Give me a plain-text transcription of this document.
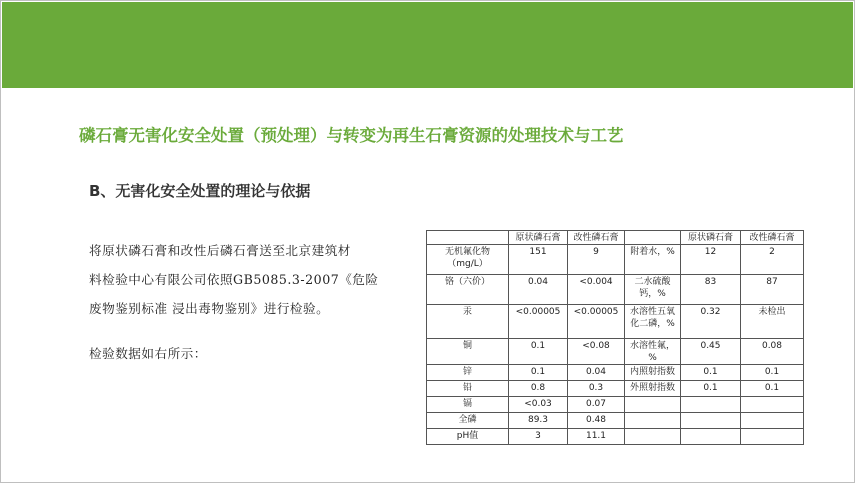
磷石膏无害化安全处置（预处理）与转变为再生石膏资源的处理技术与工艺
B、无害化安全处置的理论与依据
将原状磷石膏和改性后磷石膏送至北京建筑材
料检验中心有限公司依照GB5085.3-2007《危险
废物鉴别标准 浸出毒物鉴别》进行检验。
检验数据如右所示：
	原状磷石膏	改性磷石膏		原状磷石膏	改性磷石膏
无机氟化物（mg/L）	151	9	附着水，%	12	2
铬（六价）	0.04	<0.004	二水硫酸钙，%	83	87
汞	<0.00005	<0.00005	水溶性五氧化二磷，%	0.32	未检出
铜	0.1	<0.08	水溶性氟，%	0.45	0.08
锌	0.1	0.04	内照射指数	0.1	0.1
铅	0.8	0.3	外照射指数	0.1	0.1
镉	<0.03	0.07			
全磷	89.3	0.48			
pH值	3	11.1			
